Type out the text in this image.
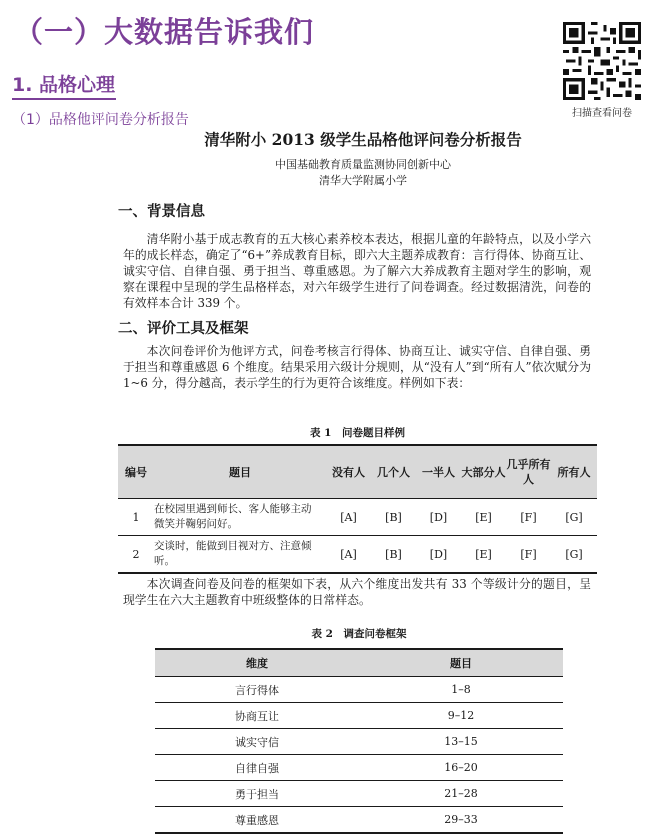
（一）大数据告诉我们
1. 品格心理
（1）品格他评问卷分析报告	扫描查看问卷
清华附小 2013 级学生品格他评问卷分析报告
中国基础教育质量监测协同创新中心
清华大学附属小学
一、背景信息

清华附小基于成志教育的五大核心素养校本表达，根据儿童的年龄特点，以及小学六年的成长样态，确定了“6+”养成教育目标，即六大主题养成教育：言行得体、协商互让、诚实守信、自律自强、勇于担当、尊重感恩。为了解六大养成教育主题对学生的影响，观察在课程中呈现的学生品格样态，对六年级学生进行了问卷调查。经过数据清洗，问卷的有效样本合计 339 个。

二、评价工具及框架

本次问卷评价为他评方式，问卷考核言行得体、协商互让、诚实守信、自律自强、勇于担当和尊重感恩 6 个维度。结果采用六级计分规则，从“没有人”到“所有人”依次赋分为 1~6 分，得分越高，表示学生的行为更符合该维度。样例如下表：

表 1　问卷题目样例
编号	题目	没有人	几个人	一半人	大部分人	几乎所有人	所有人
1	在校园里遇到师长、客人能够主动微笑并鞠躬问好。	[A]	[B]	[D]	[E]	[F]	[G]
2	交谈时，能做到目视对方、注意倾听。	[A]	[B]	[D]	[E]	[F]	[G]

本次调查问卷及问卷的框架如下表，从六个维度出发共有 33 个等级计分的题目，呈现学生在六大主题教育中班级整体的日常样态。

表 2　调查问卷框架
维度	题目
言行得体	1–8
协商互让	9–12
诚实守信	13–15
自律自强	16–20
勇于担当	21–28
尊重感恩	29–33
